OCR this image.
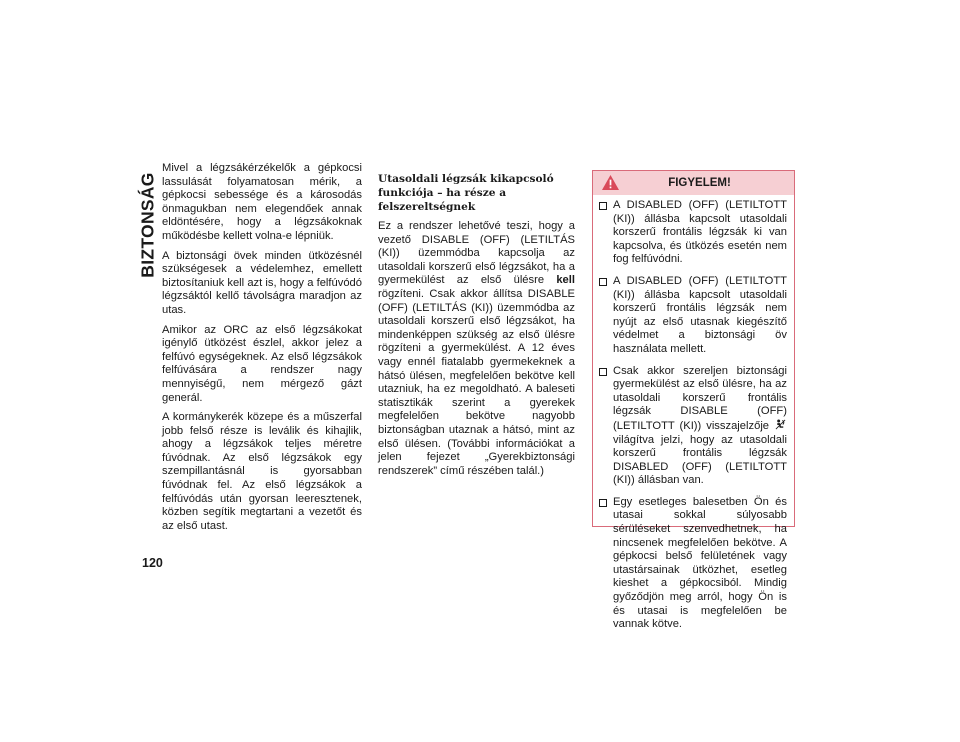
BIZTONSÁG

Mivel a légzsákérzékelők a gépkocsi lassulását folyamatosan mérik, a gépkocsi sebessége és a károsodás önmagukban nem elegendőek annak eldöntésére, hogy a légzsákoknak működésbe kellett volna-e lépniük.

A biztonsági övek minden ütközésnél szükségesek a védelemhez, emellett biztosítaniuk kell azt is, hogy a felfúvódó légzsáktól kellő távolságra maradjon az utas.

Amikor az ORC az első légzsákokat igénylő ütközést észlel, akkor jelez a felfúvó egységeknek. Az első légzsákok felfúvására a rendszer nagy mennyiségű, nem mérgező gázt generál.

A kormánykerék közepe és a műszerfal jobb felső része is leválik és kihajlik, ahogy a légzsákok teljes méretre fúvódnak. Az első légzsákok egy szempillantásnál is gyorsabban fúvódnak fel. Az első légzsákok a felfúvódás után gyorsan leeresztenek, közben segítik megtartani a vezetőt és az első utast.

Utasoldali légzsák kikapcsoló funkciója – ha része a felszereltségnek

Ez a rendszer lehetővé teszi, hogy a vezető DISABLE (OFF) (LETILTÁS (KI)) üzemmódba kapcsolja az utasoldali korszerű első légzsákot, ha a gyermekülést az első ülésre kell rögzíteni. Csak akkor állítsa DISABLE (OFF) (LETILTÁS (KI)) üzemmódba az utasoldali korszerű első légzsákot, ha mindenképpen szükség az első ülésre rögzíteni a gyermekülést. A 12 éves vagy ennél fiatalabb gyermekeknek a hátsó ülésen, megfelelően bekötve kell utazniuk, ha ez megoldható. A baleseti statisztikák szerint a gyerekek megfelelően bekötve nagyobb biztonságban utaznak a hátsó, mint az első ülésen. (További információkat a jelen fejezet „Gyerekbiztonsági rendszerek” című részében talál.)

FIGYELEM!
A DISABLED (OFF) (LETILTOTT (KI)) állásba kapcsolt utasoldali korszerű frontális légzsák ki van kapcsolva, és ütközés esetén nem fog felfúvódni.
A DISABLED (OFF) (LETILTOTT (KI)) állásba kapcsolt utasoldali korszerű frontális légzsák nem nyújt az első utasnak kiegészítő védelmet a biztonsági öv használata mellett.
Csak akkor szereljen biztonsági gyermekülést az első ülésre, ha az utasoldali korszerű frontális légzsák DISABLE (OFF) (LETILTOTT (KI)) visszajelzője  világítva jelzi, hogy az utasoldali korszerű frontális légzsák DISABLED (OFF) (LETILTOTT (KI)) állásban van.
Egy esetleges balesetben Ön és utasai sokkal súlyosabb sérüléseket szenvedhetnek, ha nincsenek megfelelően bekötve. A gépkocsi belső felületének vagy utastársainak ütközhet, esetleg kieshet a gépkocsiból. Mindig győződjön meg arról, hogy Ön is és utasai is megfelelően be vannak kötve.
120
